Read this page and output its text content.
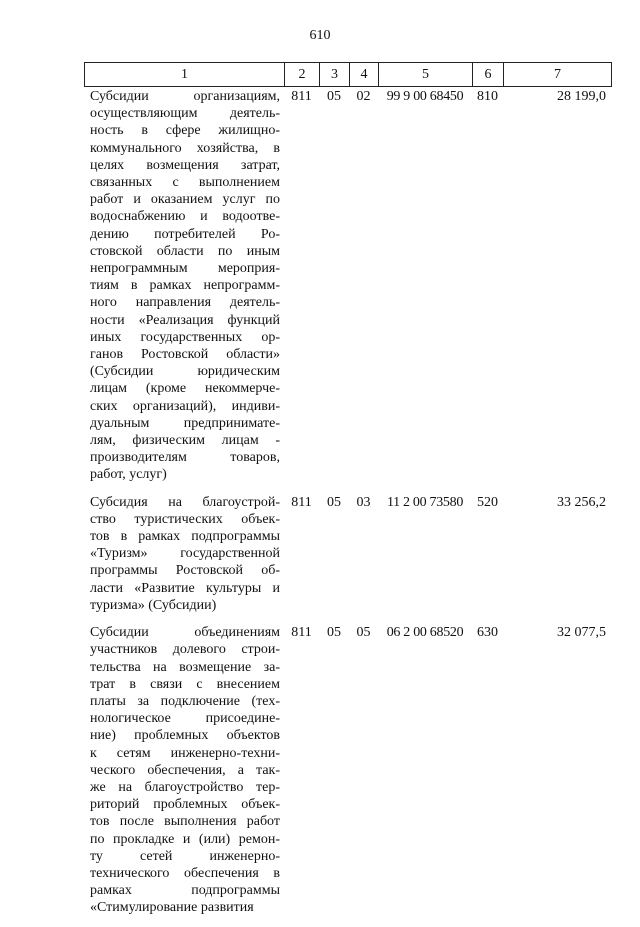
610
1	2	3	4	5	6	7
Субсидии организациям,
осуществляющим деятель-
ность в сфере жилищно-
коммунального хозяйства, в
целях возмещения затрат,
связанных с выполнением
работ и оказанием услуг по
водоснабжению и водоотве-
дению потребителей Ро-
стовской области по иным
непрограммным мероприя-
тиям в рамках непрограмм-
ного направления деятель-
ности «Реализация функций
иных государственных ор-
ганов Ростовской области»
(Субсидии юридическим
лицам (кроме некоммерче-
ских организаций), индиви-
дуальным предпринимате-
лям, физическим лицам -
производителям товаров,
работ, услуг)
811	05	02	99 9 00 68450 810	28 199,0
Субсидия на благоустрой-
ство туристических объек-
тов в рамках подпрограммы
«Туризм» государственной
программы Ростовской об-
ласти «Развитие культуры и
туризма» (Субсидии)
811	05	03	11 2 00 73580 520	33 256,2
Субсидии объединениям
участников долевого строи-
тельства на возмещение за-
трат в связи с внесением
платы за подключение (тех-
нологическое присоедине-
ние) проблемных объектов
к сетям инженерно-техни-
ческого обеспечения, а так-
же на благоустройство тер-
риторий проблемных объек-
тов после выполнения работ
по прокладке и (или) ремон-
ту сетей инженерно-
технического обеспечения в
рамках подпрограммы
«Стимулирование развития
811	05	05	06 2 00 68520 630	32 077,5
